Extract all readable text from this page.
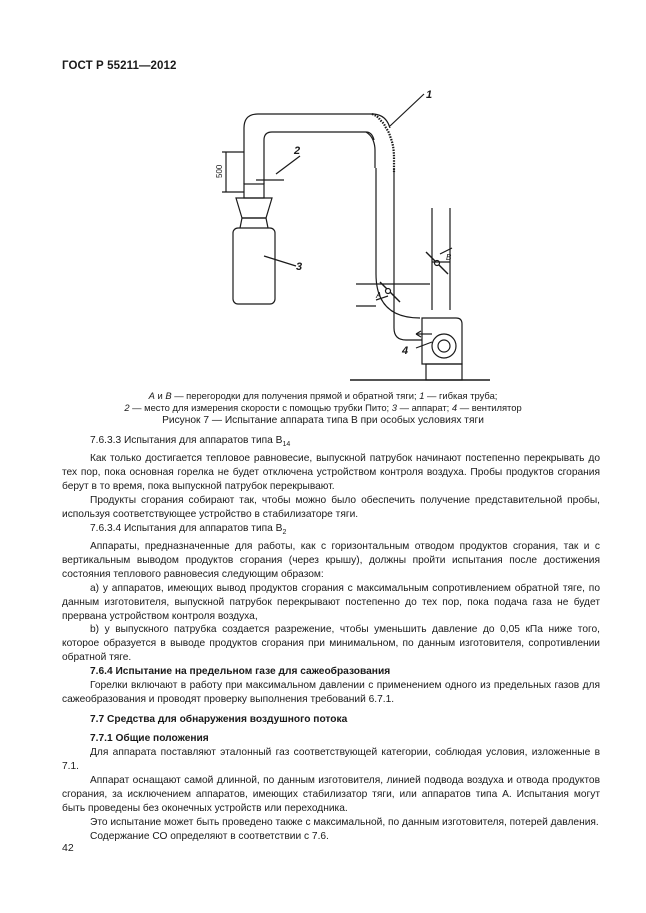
ГОСТ Р 55211—2012
1
2
3
4
A
B
500
А и В — перегородки для получения прямой и обратной тяги; 1 — гибкая труба;
2 — место для измерения скорости с помощью трубки Пито; 3 — аппарат; 4 — вентилятор
Рисунок 7 — Испытание аппарата типа В при особых условиях тяги

7.6.3.3 Испытания для аппаратов типа $В_{14}$

Как только достигается тепловое равновесие, выпускной патрубок начинают постепенно перекрывать до тех пор, пока основная горелка не будет отключена устройством контроля воздуха. Пробы продуктов сгорания берут в то время, пока выпускной патрубок перекрывают.

Продукты сгорания собирают так, чтобы можно было обеспечить получение представительной пробы, используя соответствующее устройство в стабилизаторе тяги.

7.6.3.4 Испытания для аппаратов типа $В_2$

Аппараты, предназначенные для работы, как с горизонтальным отводом продуктов сгорания, так и с вертикальным выводом продуктов сгорания (через крышу), должны пройти испытания после достижения состояния теплового равновесия следующим образом:

а) у аппаратов, имеющих вывод продуктов сгорания с максимальным сопротивлением обратной тяге, по данным изготовителя, выпускной патрубок перекрывают постепенно до тех пор, пока подача газа не будет прервана устройством контроля воздуха,

b) у выпускного патрубка создается разрежение, чтобы уменьшить давление до 0,05 кПа ниже того, которое образуется в выводе продуктов сгорания при минимальном, по данным изготовителя, сопротивлении обратной тяге.

7.6.4 Испытание на предельном газе для сажеобразования

Горелки включают в работу при максимальном давлении с применением одного из предельных газов для сажеобразования и проводят проверку выполнения требований 6.7.1.

7.7 Средства для обнаружения воздушного потока

7.7.1 Общие положения

Для аппарата поставляют эталонный газ соответствующей категории, соблюдая условия, изложенные в 7.1.

Аппарат оснащают самой длинной, по данным изготовителя, линией подвода воздуха и отвода продуктов сгорания, за исключением аппаратов, имеющих стабилизатор тяги, или аппаратов типа А. Испытания могут быть проведены без оконечных устройств или переходника.

Это испытание может быть проведено также с максимальной, по данным изготовителя, потерей давления.

Содержание СО определяют в соответствии с 7.6.

42
